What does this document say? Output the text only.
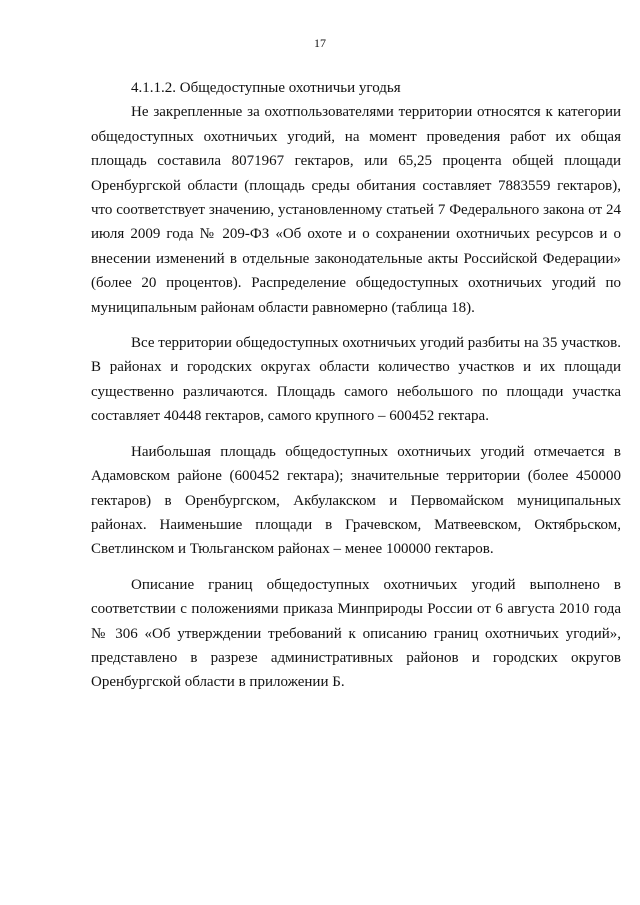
17
4.1.1.2. Общедоступные охотничьи угодья

Не закрепленные за охотпользователями территории относятся к категории общедоступных охотничьих угодий, на момент проведения работ их общая площадь составила 8071967 гектаров, или 65,25 процента общей площади Оренбургской области (площадь среды обитания составляет 7883559 гектаров), что соответствует значению, установленному статьей 7 Федерального закона от 24 июля 2009 года № 209-ФЗ «Об охоте и о сохранении охотничьих ресурсов и о внесении изменений в отдельные законодательные акты Российской Федерации» (более 20 процентов). Распределение общедоступных охотничьих угодий по муниципальным районам области равномерно (таблица 18).

Все территории общедоступных охотничьих угодий разбиты на 35 участков. В районах и городских округах области количество участков и их площади существенно различаются. Площадь самого небольшого по площади участка составляет 40448 гектаров, самого крупного – 600452 гектара.

Наибольшая площадь общедоступных охотничьих угодий отмечается в Адамовском районе (600452 гектара); значительные территории (более 450000 гектаров) в Оренбургском, Акбулакском и Первомайском муниципальных районах. Наименьшие площади в Грачевском, Матвеевском, Октябрьском, Светлинском и Тюльганском районах – менее 100000 гектаров.

Описание границ общедоступных охотничьих угодий выполнено в соответствии с положениями приказа Минприроды России от 6 августа 2010 года № 306 «Об утверждении требований к описанию границ охотничьих угодий», представлено в разрезе административных районов и городских округов Оренбургской области в приложении Б.
